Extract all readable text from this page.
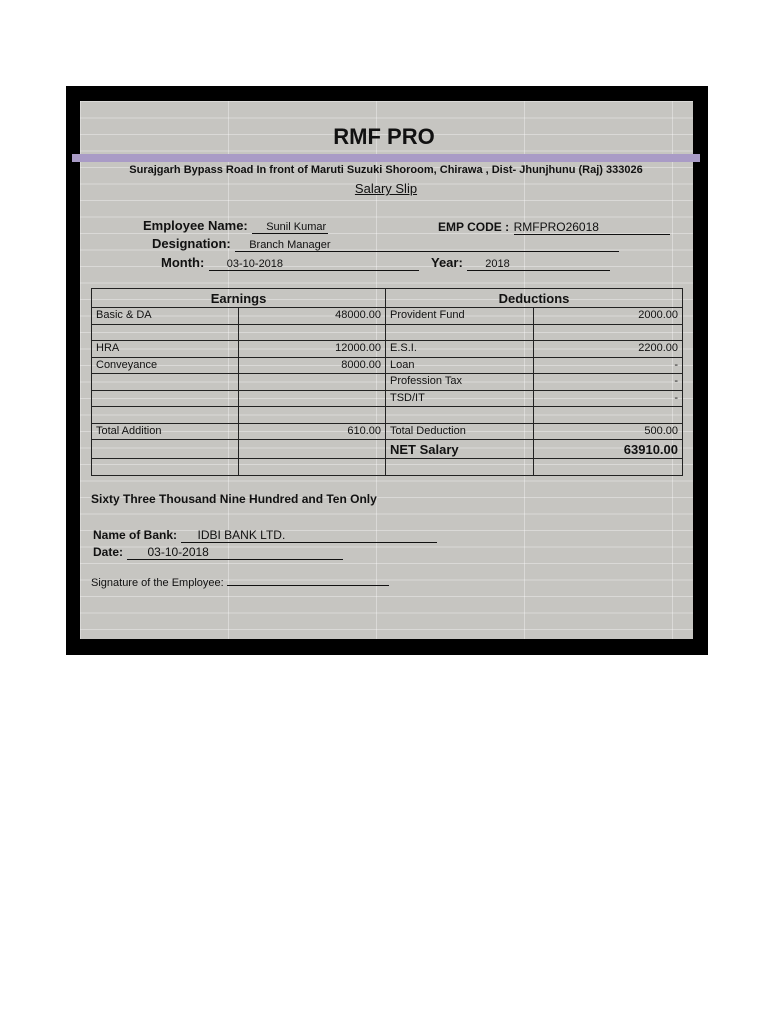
RMF PRO
Surajgarh Bypass Road In front of Maruti Suzuki Shoroom, Chirawa , Dist- Jhunjhunu (Raj) 333026
Salary Slip
Employee Name: Sunil Kumar	EMP CODE : RMFPRO26018
Designation: Branch Manager
Month: 03-10-2018	Year: 2018
Earnings		Deductions	
Basic & DA	48000.00	Provident Fund	2000.00

HRA	12000.00	E.S.I.	2200.00
Conveyance	8000.00	Loan	-
		Profession Tax	-
		TSD/IT	-

Total Addition	610.00	Total Deduction	500.00
		NET Salary	63910.00

Sixty Three Thousand Nine Hundred and Ten Only
Name of Bank: IDBI BANK LTD.
Date: 03-10-2018
Signature of the Employee:
